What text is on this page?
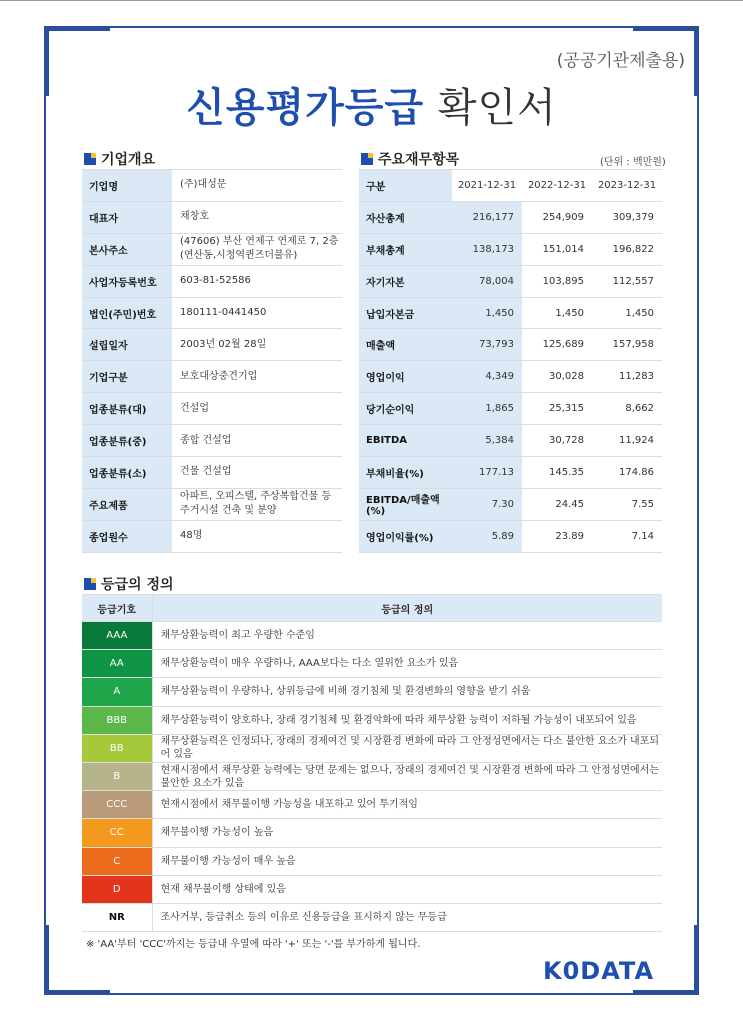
(공공기관제출용)
신용평가등급 확인서
기업개요
기업명	(주)대성문
대표자	채창호
본사주소	(47606) 부산 연제구 연제로 7, 2층 (연산동,시청역퀸즈더불유)
사업자등록번호	603-81-52586
법인(주민)번호	180111-0441450
설립일자	2003년 02월 28일
기업구분	보호대상중견기업
업종분류(대)	건설업
업종분류(중)	종합 건설업
업종분류(소)	건물 건설업
주요제품	아파트, 오피스텔, 주상복합건물 등 주거시설 건축 및 분양
종업원수	48명
주요재무항목	(단위 : 백만원)
구분	2021-12-31	2022-12-31	2023-12-31
자산총계	216,177	254,909	309,379
부채총계	138,173	151,014	196,822
자기자본	78,004	103,895	112,557
납입자본금	1,450	1,450	1,450
매출액	73,793	125,689	157,958
영업이익	4,349	30,028	11,283
당기순이익	1,865	25,315	8,662
EBITDA	5,384	30,728	11,924
부채비율(%)	177.13	145.35	174.86
EBITDA/매출액(%)	7.30	24.45	7.55
영업이익률(%)	5.89	23.89	7.14
등급의 정의
등급기호	등급의 정의
AAA	채무상환능력이 최고 우량한 수준임
AA	채무상환능력이 매우 우량하나, AAA보다는 다소 열위한 요소가 있음
A	채무상환능력이 우량하나, 상위등급에 비해 경기침체 및 환경변화의 영향을 받기 쉬움
BBB	채무상환능력이 양호하나, 장래 경기침체 및 환경악화에 따라 채무상환 능력이 저하될 가능성이 내포되어 있음
BB	채무상환능력은 인정되나, 장래의 경제여건 및 시장환경 변화에 따라 그 안정성면에서는 다소 불안한 요소가 내포되어 있음
B	현재시점에서 채무상환 능력에는 당면 문제는 없으나, 장래의 경제여건 및 시장환경 변화에 따라 그 안정성면에서는 불안한 요소가 있음
CCC	현재시점에서 채무불이행 가능성을 내포하고 있어 투기적임
CC	채무불이행 가능성이 높음
C	채무불이행 가능성이 매우 높음
D	현재 채무불이행 상태에 있음
NR	조사거부, 등급취소 등의 이유로 신용등급을 표시하지 않는 무등급
※ 'AA'부터 'CCC'까지는 등급내 우열에 따라 '+' 또는 '-'를 부가하게 됩니다.
K0DATA
